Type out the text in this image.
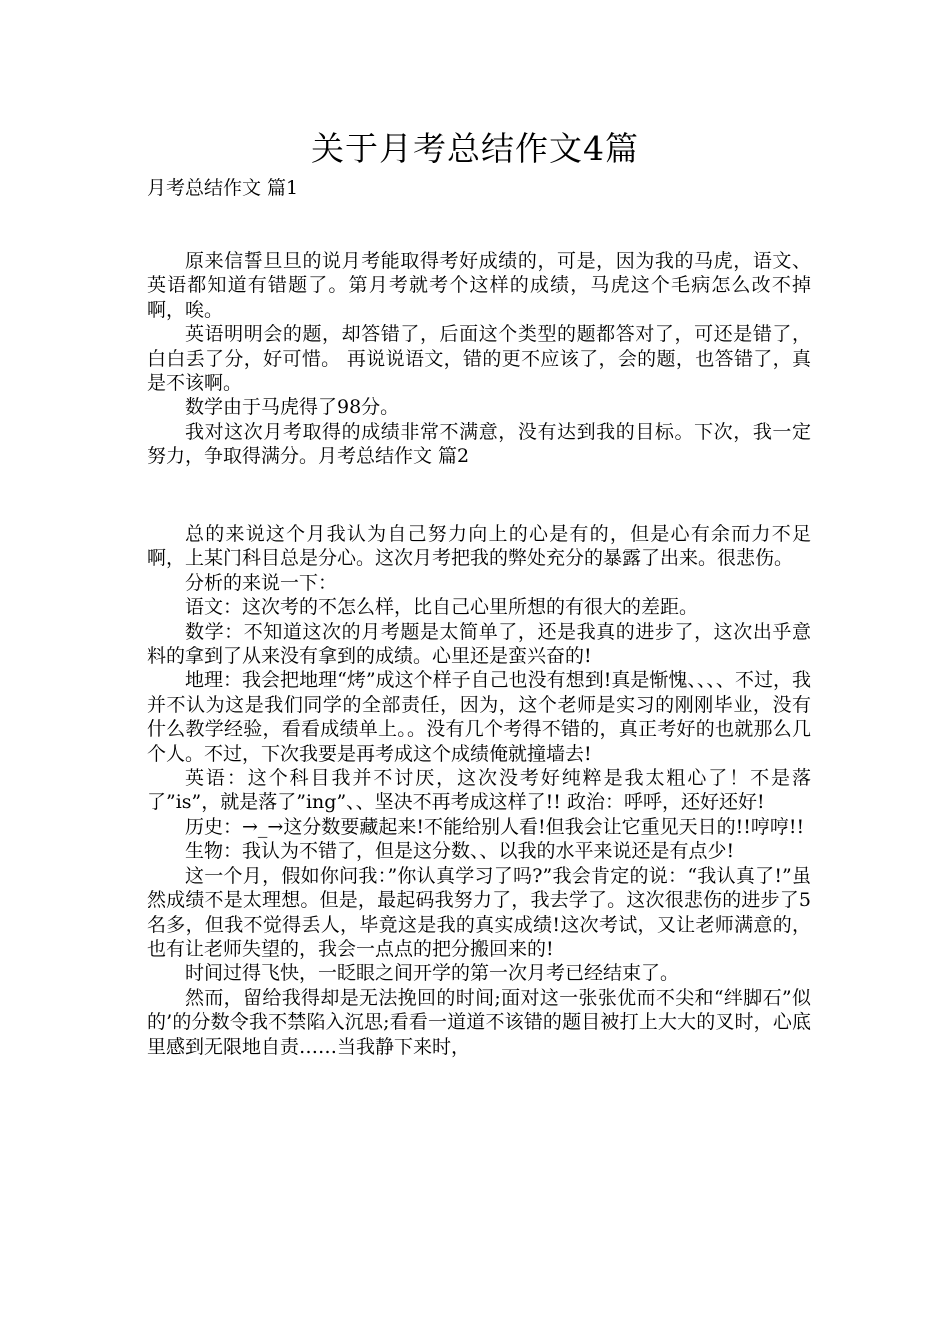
关于月考总结作文4篇
月考总结作文 篇1

原来信誓旦旦的说月考能取得考好成绩的，可是，因为我的马虎，语文、英语都知道有错题了。第月考就考个这样的成绩，马虎这个毛病怎么改不掉啊，唉。

英语明明会的题，却答错了，后面这个类型的题都答对了，可还是错了，白白丢了分，好可惜。 再说说语文，错的更不应该了，会的题，也答错了，真是不该啊。

数学由于马虎得了98分。

我对这次月考取得的成绩非常不满意，没有达到我的目标。下次，我一定努力，争取得满分。月考总结作文 篇2

总的来说这个月我认为自己努力向上的心是有的，但是心有余而力不足啊，上某门科目总是分心。这次月考把我的弊处充分的暴露了出来。很悲伤。

分析的来说一下：

语文：这次考的不怎么样，比自己心里所想的有很大的差距。

数学：不知道这次的月考题是太简单了，还是我真的进步了，这次出乎意料的拿到了从来没有拿到的成绩。心里还是蛮兴奋的!

地理：我会把地理“烤”成这个样子自己也没有想到!真是惭愧、、、、不过，我并不认为这是我们同学的全部责任，因为，这个老师是实习的刚刚毕业，没有什么教学经验，看看成绩单上。。没有几个考得不错的，真正考好的也就那么几个人。不过，下次我要是再考成这个成绩俺就撞墙去!

英语：这个科目我并不讨厌，这次没考好纯粹是我太粗心了！不是落了”is”，就是落了”ing”、、坚决不再考成这样了!! 政治：呼呼，还好还好!

历史：→_→这分数要藏起来!不能给别人看!但我会让它重见天日的!!哼哼!!

生物：我认为不错了，但是这分数、、以我的水平来说还是有点少!

这一个月，假如你问我：”你认真学习了吗?”我会肯定的说：“我认真了!”虽然成绩不是太理想。但是，最起码我努力了，我去学了。这次很悲伤的进步了5名多，但我不觉得丢人，毕竟这是我的真实成绩!这次考试，又让老师满意的，也有让老师失望的，我会一点点的把分搬回来的!

时间过得飞快，一眨眼之间开学的第一次月考已经结束了。

然而，留给我得却是无法挽回的时间;面对这一张张优而不尖和“绊脚石”似的’的分数令我不禁陷入沉思;看看一道道不该错的题目被打上大大的叉时，心底里感到无限地自责……当我静下来时，
